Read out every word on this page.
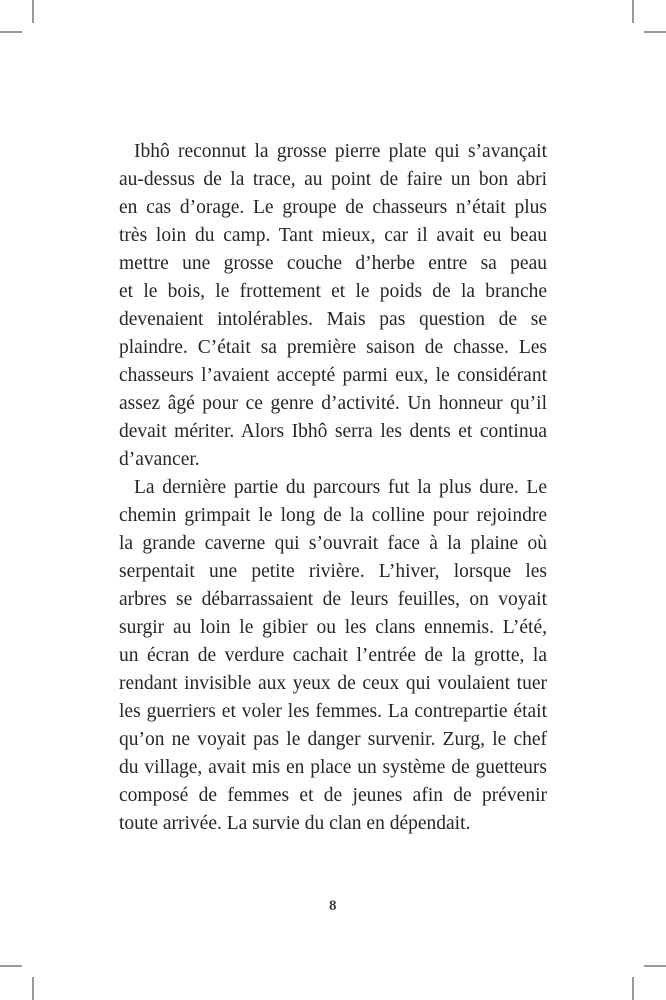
Ibhô reconnut la grosse pierre plate qui s’avançait
au-dessus de la trace, au point de faire un bon abri
en cas d’orage. Le groupe de chasseurs n’était plus
très loin du camp. Tant mieux, car il avait eu beau
mettre une grosse couche d’herbe entre sa peau
et le bois, le frottement et le poids de la branche
devenaient intolérables. Mais pas question de se
plaindre. C’était sa première saison de chasse. Les
chasseurs l’avaient accepté parmi eux, le considérant
assez âgé pour ce genre d’activité. Un honneur qu’il
devait mériter. Alors Ibhô serra les dents et continua
d’avancer.
La dernière partie du parcours fut la plus dure. Le
chemin grimpait le long de la colline pour rejoindre
la grande caverne qui s’ouvrait face à la plaine où
serpentait une petite rivière. L’hiver, lorsque les
arbres se débarrassaient de leurs feuilles, on voyait
surgir au loin le gibier ou les clans ennemis. L’été,
un écran de verdure cachait l’entrée de la grotte, la
rendant invisible aux yeux de ceux qui voulaient tuer
les guerriers et voler les femmes. La contrepartie était
qu’on ne voyait pas le danger survenir. Zurg, le chef
du village, avait mis en place un système de guetteurs
composé de femmes et de jeunes afin de prévenir
toute arrivée. La survie du clan en dépendait.
8
